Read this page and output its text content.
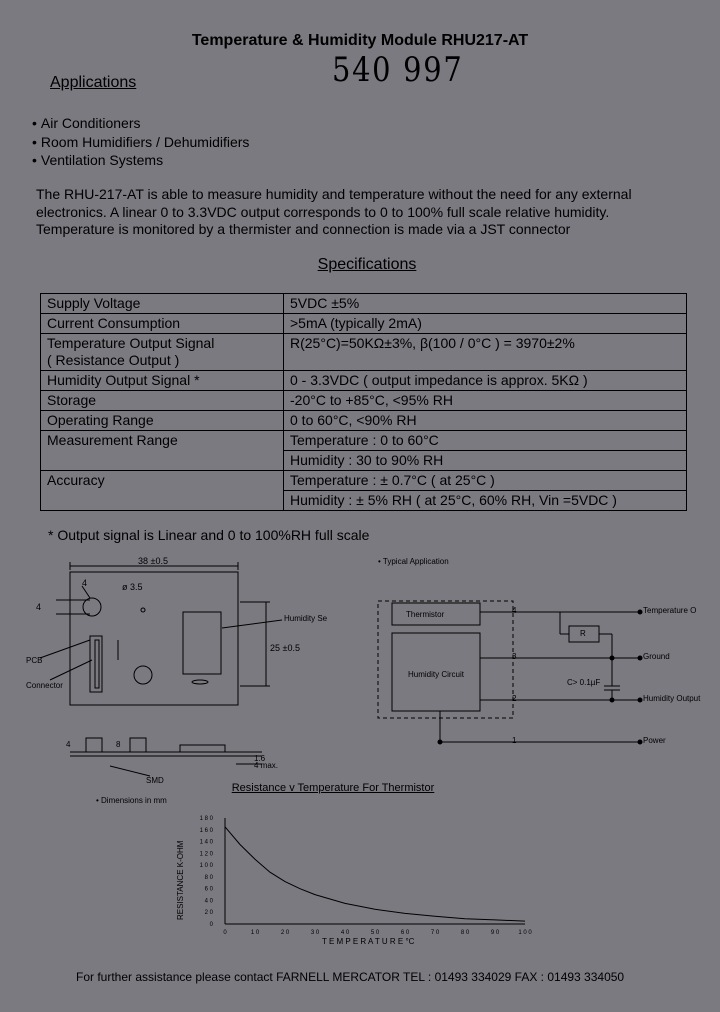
Temperature & Humidity Module RHU217-AT
540 997
Applications
• Air Conditioners
• Room Humidifiers / Dehumidifiers
• Ventilation Systems
The RHU-217-AT is able to measure humidity and temperature without the need for any external electronics. A linear 0 to 3.3VDC output corresponds to 0 to 100% full scale relative humidity. Temperature is monitored by a thermister and connection is made via a JST connector
Specifications
Supply Voltage	5VDC ±5%
Current Consumption	>5mA (typically 2mA)

Temperature Output Signal
( Resistance Output )	R(25°C)=50KΩ±3%, β(100 / 0°C ) = 3970±2%
Humidity Output Signal *	0 - 3.3VDC ( output impedance is approx. 5KΩ )
Storage	-20°C to +85°C, <95% RH
Operating Range	0 to 60°C, <90% RH
Measurement Range	Temperature : 0 to 60°C
	Humidity : 30 to 90% RH
Accuracy	Temperature : ± 0.7°C ( at 25°C )
	Humidity : ± 5% RH ( at 25°C, 60% RH, Vin =5VDC )
* Output signal is Linear and 0 to 100%RH full scale
38 ±0.5
25 ±0.5
4	ø 3.5
4
Humidity Se
PCB
Connector
4	8
1.6
4 max.
SMD
• Dimensions in mm
• Typical Application
Thermistor
Humidity Circuit
R
C> 0.1µF
4
3
2
1
Temperature O
Ground
Humidity Output
Power
Resistance v Temperature For Thermistor
0	1 0	2 0	3 0	4 0	5 0	6 0	7 0	8 0	9 0	1 0 0
0
2 0
4 0
6 0
8 0
1 0 0
1 2 0
1 4 0
1 6 0
1 8 0
T E M P E R A T U R E °C
RESISTANCE K-OHM
For further assistance please contact FARNELL MERCATOR TEL : 01493 334029 FAX : 01493 334050
